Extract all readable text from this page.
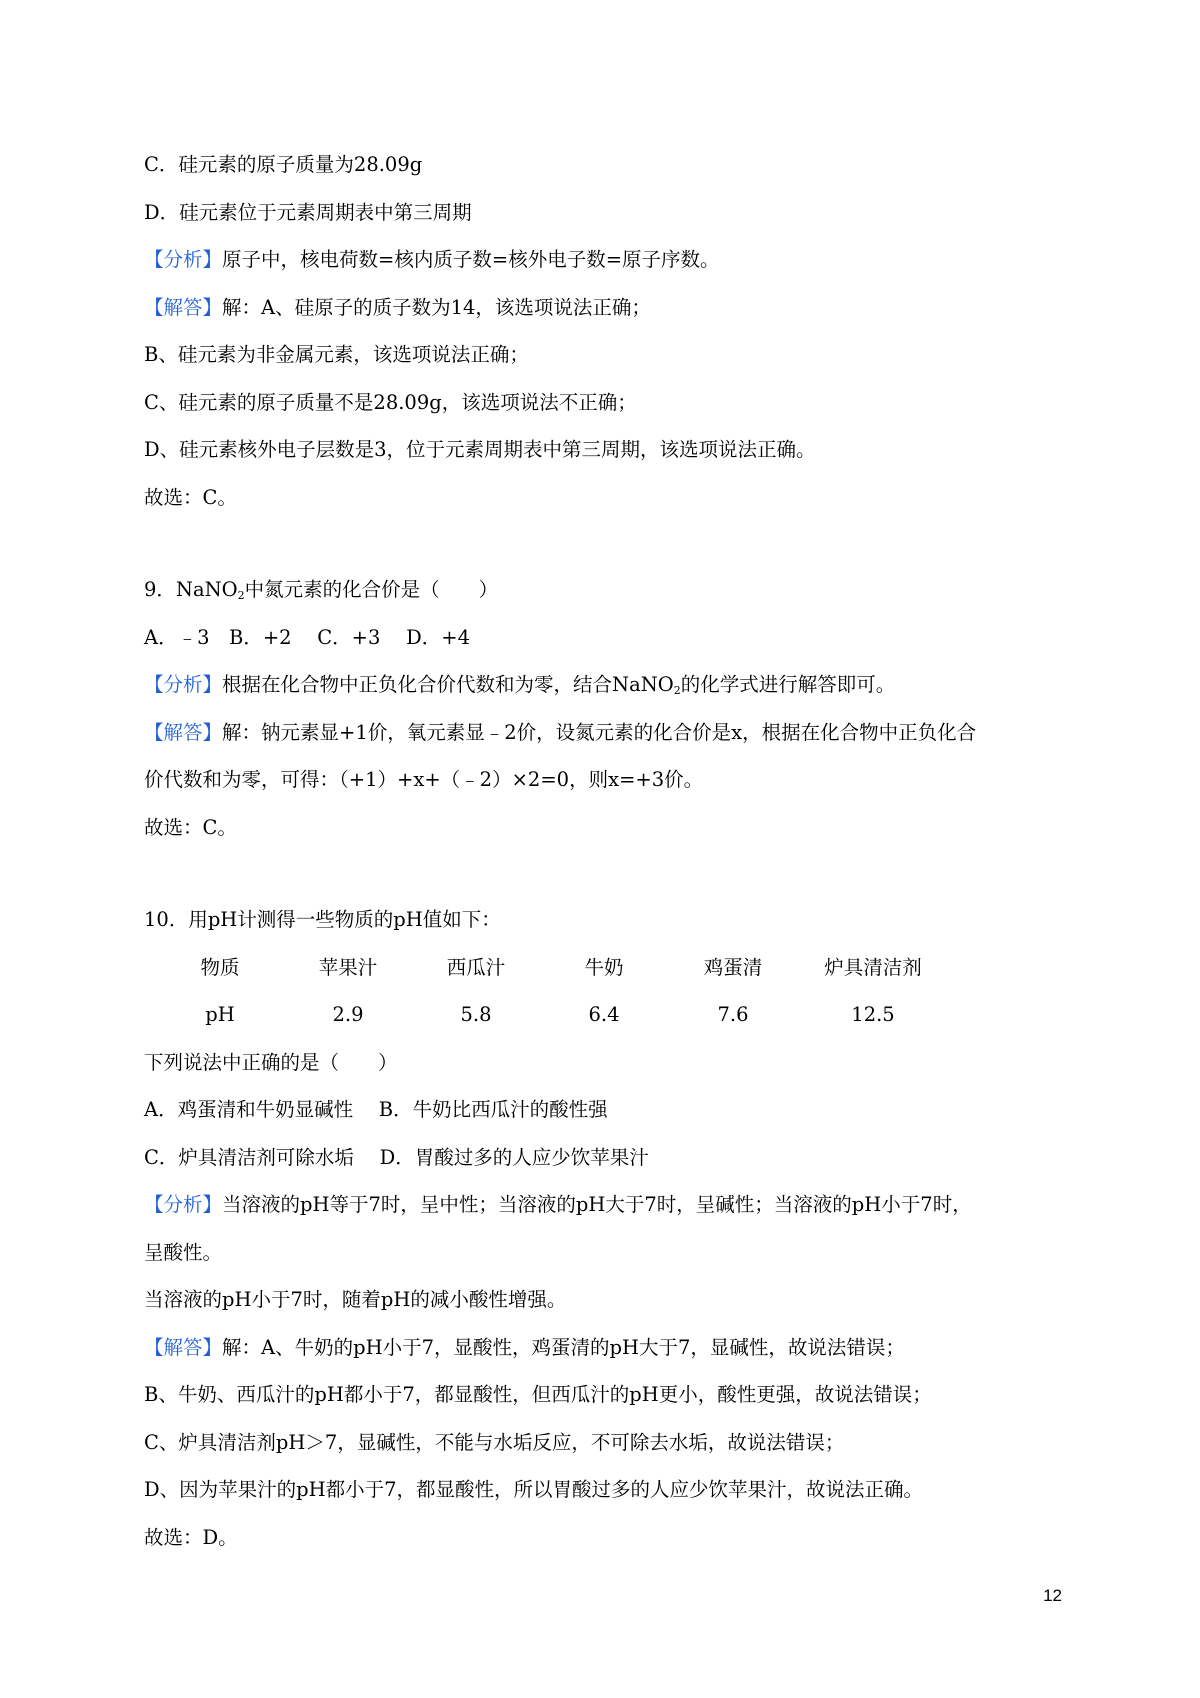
C．硅元素的原子质量为28.09g
D．硅元素位于元素周期表中第三周期
【分析】原子中，核电荷数=核内质子数=核外电子数=原子序数。
【解答】解：A、硅原子的质子数为14，该选项说法正确；
B、硅元素为非金属元素，该选项说法正确；
C、硅元素的原子质量不是28.09g，该选项说法不正确；
D、硅元素核外电子层数是3，位于元素周期表中第三周期，该选项说法正确。
故选：C。
9．NaNO$_2$中氮元素的化合价是（　　）
A．﹣3　B．+2　 C．+3　 D．+4
【分析】根据在化合物中正负化合价代数和为零，结合NaNO$_2$的化学式进行解答即可。
【解答】解：钠元素显+1价，氧元素显﹣2价，设氮元素的化合价是x，根据在化合物中正负化合
价代数和为零，可得：（+1）+x+（﹣2）×2=0，则x=+3价。
故选：C。
10．用pH计测得一些物质的pH值如下：
物质	苹果汁	西瓜汁	牛奶	鸡蛋清	炉具清洁剂
pH	2.9	5.8	6.4	7.6	12.5
下列说法中正确的是（　　）
A．鸡蛋清和牛奶显碱性　 B．牛奶比西瓜汁的酸性强
C．炉具清洁剂可除水垢　 D．胃酸过多的人应少饮苹果汁
【分析】当溶液的pH等于7时，呈中性；当溶液的pH大于7时，呈碱性；当溶液的pH小于7时，
呈酸性。
当溶液的pH小于7时，随着pH的减小酸性增强。
【解答】解：A、牛奶的pH小于7，显酸性，鸡蛋清的pH大于7，显碱性，故说法错误；
B、牛奶、西瓜汁的pH都小于7，都显酸性，但西瓜汁的pH更小，酸性更强，故说法错误；
C、炉具清洁剂pH＞7，显碱性，不能与水垢反应，不可除去水垢，故说法错误；
D、因为苹果汁的pH都小于7，都显酸性，所以胃酸过多的人应少饮苹果汁，故说法正确。
故选：D。
12
